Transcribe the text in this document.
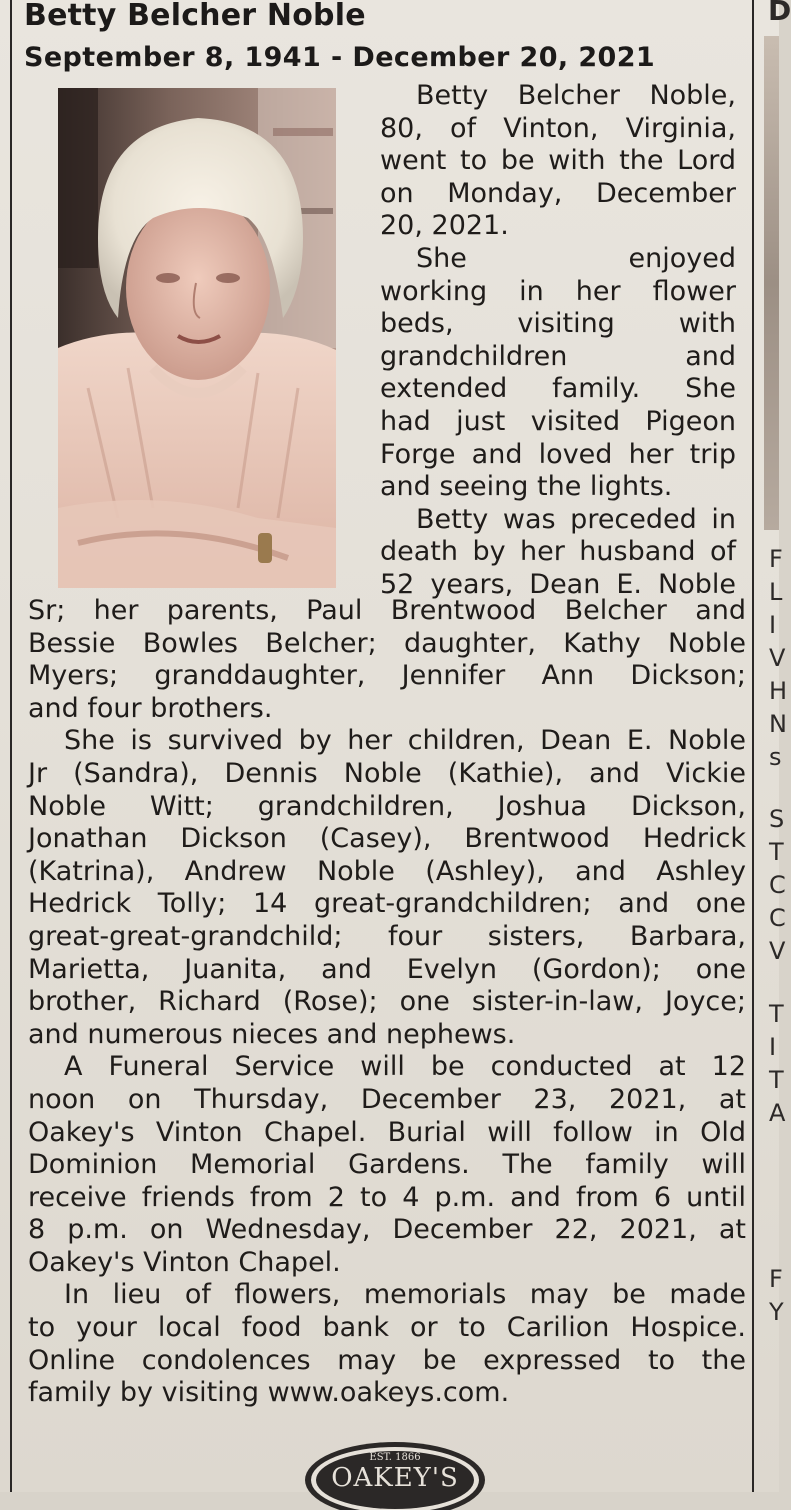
Betty Belcher Noble
September 8, 1941 - December 20, 2021
Betty Belcher Noble,
80, of Vinton, Virginia,
went to be with the Lord
on Monday, December
20, 2021.
She enjoyed
working in her flower
beds, visiting with
grandchildren and
extended family. She
had just visited Pigeon
Forge and loved her trip
and seeing the lights.
Betty was preceded in
death by her husband of
52 years, Dean E. Noble
Sr; her parents, Paul Brentwood Belcher and
Bessie Bowles Belcher; daughter, Kathy Noble
Myers; granddaughter, Jennifer Ann Dickson;
and four brothers.
She is survived by her children, Dean E. Noble
Jr (Sandra), Dennis Noble (Kathie), and Vickie
Noble Witt; grandchildren, Joshua Dickson,
Jonathan Dickson (Casey), Brentwood Hedrick
(Katrina), Andrew Noble (Ashley), and Ashley
Hedrick Tolly; 14 great-grandchildren; and one
great-great-grandchild; four sisters, Barbara,
Marietta, Juanita, and Evelyn (Gordon); one
brother, Richard (Rose); one sister-in-law, Joyce;
and numerous nieces and nephews.
A Funeral Service will be conducted at 12
noon on Thursday, December 23, 2021, at
Oakey's Vinton Chapel. Burial will follow in Old
Dominion Memorial Gardens. The family will
receive friends from 2 to 4 p.m. and from 6 until
8 p.m. on Wednesday, December 22, 2021, at
Oakey's Vinton Chapel.
In lieu of flowers, memorials may be made
to your local food bank or to Carilion Hospice.
Online condolences may be expressed to the
family by visiting www.oakeys.com.
EST. 1866
OAKEY'S
D
F
L
I
V
H
N
s
S
T
C
C
V
T
I
T
A
F
Y
